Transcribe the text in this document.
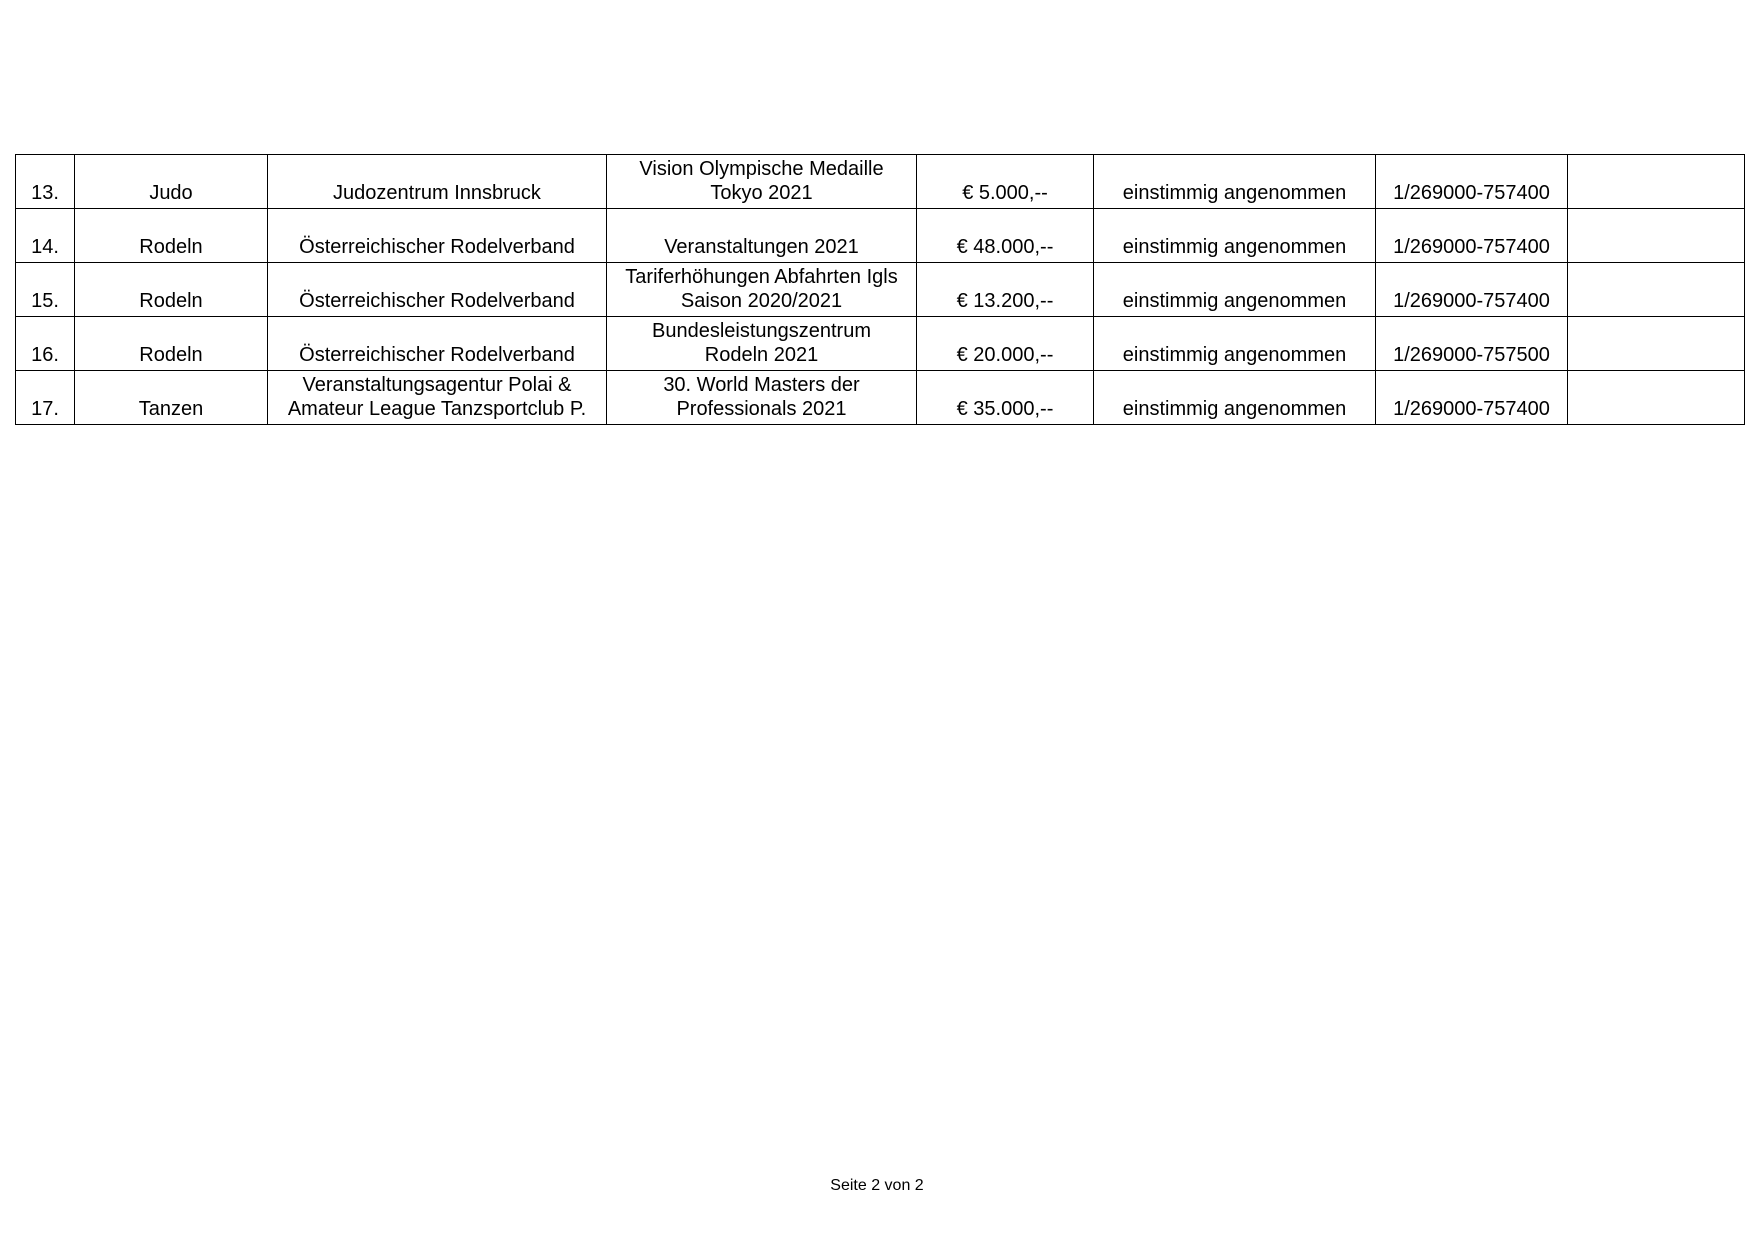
13.	Judo	Judozentrum Innsbruck	Vision Olympische Medaille
Tokyo 2021	€ 5.000,--	einstimmig angenommen	1/269000-757400	

14.	Rodeln	Österreichischer Rodelverband	Veranstaltungen 2021	€ 48.000,--	einstimmig angenommen	1/269000-757400	

15.	Rodeln	Österreichischer Rodelverband	Tariferhöhungen Abfahrten Igls
Saison 2020/2021	€ 13.200,--	einstimmig angenommen	1/269000-757400	

16.	Rodeln	Österreichischer Rodelverband	Bundesleistungszentrum
Rodeln 2021	€ 20.000,--	einstimmig angenommen	1/269000-757500	

17.	Tanzen	Veranstaltungsagentur Polai &
Amateur League Tanzsportclub P.	30. World Masters der
Professionals 2021	€ 35.000,--	einstimmig angenommen	1/269000-757400	

Seite 2 von 2
